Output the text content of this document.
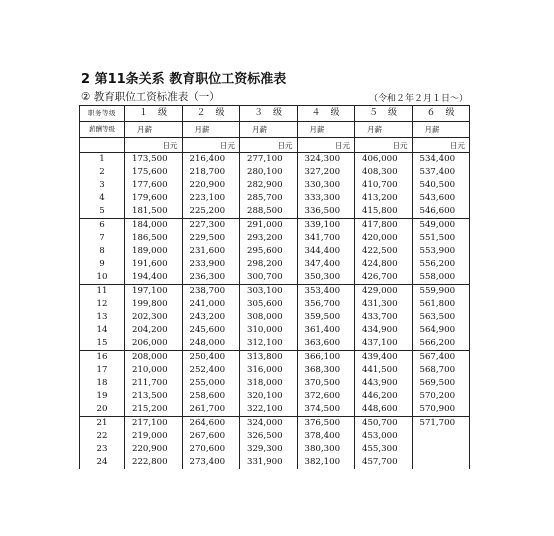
2 第11条关系 教育职位工资标准表
② 教育职位工资标准表（一）	（令和２年２月１日～）
职务等级	１　级	２　级	３　级	４　级	５　级	６　级
薪酬等级	月薪	月薪	月薪	月薪	月薪	月薪
	日元	日元	日元	日元	日元	日元
1	173,500	216,400	277,100	324,300	406,000	534,400
2	175,600	218,700	280,100	327,200	408,300	537,400
3	177,600	220,900	282,900	330,300	410,700	540,500
4	179,600	223,100	285,700	333,300	413,200	543,600
5	181,500	225,200	288,500	336,500	415,800	546,600
6	184,000	227,300	291,000	339,100	417,800	549,000
7	186,500	229,500	293,200	341,700	420,000	551,500
8	189,000	231,600	295,600	344,400	422,500	553,900
9	191,600	233,900	298,200	347,400	424,800	556,200
10	194,400	236,300	300,700	350,300	426,700	558,000
11	197,100	238,700	303,100	353,400	429,000	559,900
12	199,800	241,000	305,600	356,700	431,300	561,800
13	202,300	243,200	308,000	359,500	433,700	563,500
14	204,200	245,600	310,000	361,400	434,900	564,900
15	206,000	248,000	312,100	363,600	437,100	566,200
16	208,000	250,400	313,800	366,100	439,400	567,400
17	210,000	252,400	316,000	368,300	441,500	568,700
18	211,700	255,000	318,000	370,500	443,900	569,500
19	213,500	258,600	320,100	372,600	446,200	570,200
20	215,200	261,700	322,100	374,500	448,600	570,900
21	217,100	264,600	324,000	376,500	450,700	571,700
22	219,000	267,600	326,500	378,400	453,000	
23	220,900	270,600	329,300	380,300	455,300	
24	222,800	273,400	331,900	382,100	457,700	
